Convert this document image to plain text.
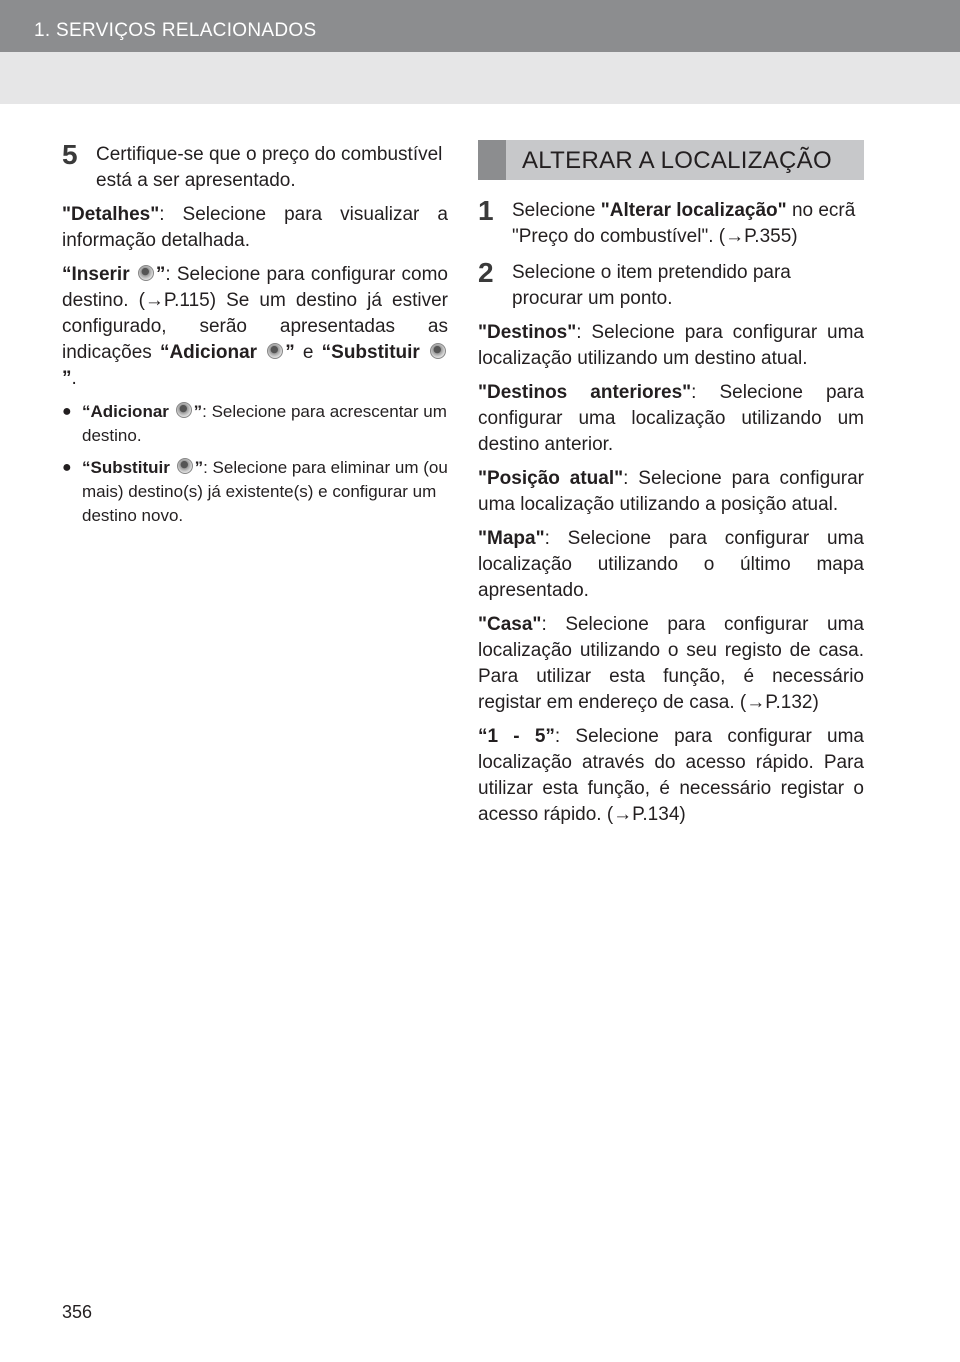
1. SERVIÇOS RELACIONADOS
5 Certifique-se que o preço do combustível está a ser apresentado.

"Detalhes": Selecione para visualizar a informação detalhada.

“Inserir ”: Selecione para configurar como destino. (→P.115) Se um destino já estiver configurado, serão apresentadas as indicações “Adicionar ” e “Substituir ”.

● “Adicionar ”: Selecione para acrescentar um destino.
● “Substituir ”: Selecione para eliminar um (ou mais) destino(s) já existente(s) e configurar um destino novo.
ALTERAR A LOCALIZAÇÃO
1 Selecione "Alterar localização" no ecrã "Preço do combustível". (→P.355)
2 Selecione o item pretendido para procurar um ponto.

"Destinos": Selecione para configurar uma localização utilizando um destino atual.

"Destinos anteriores": Selecione para configurar uma localização utilizando um destino anterior.

"Posição atual": Selecione para configurar uma localização utilizando a posição atual.

"Mapa": Selecione para configurar uma localização utilizando o último mapa apresentado.

"Casa": Selecione para configurar uma localização utilizando o seu registo de casa. Para utilizar esta função, é necessário registar em endereço de casa. (→P.132)

“1 - 5”: Selecione para configurar uma localização através do acesso rápido. Para utilizar esta função, é necessário registar o acesso rápido. (→P.134)

356
